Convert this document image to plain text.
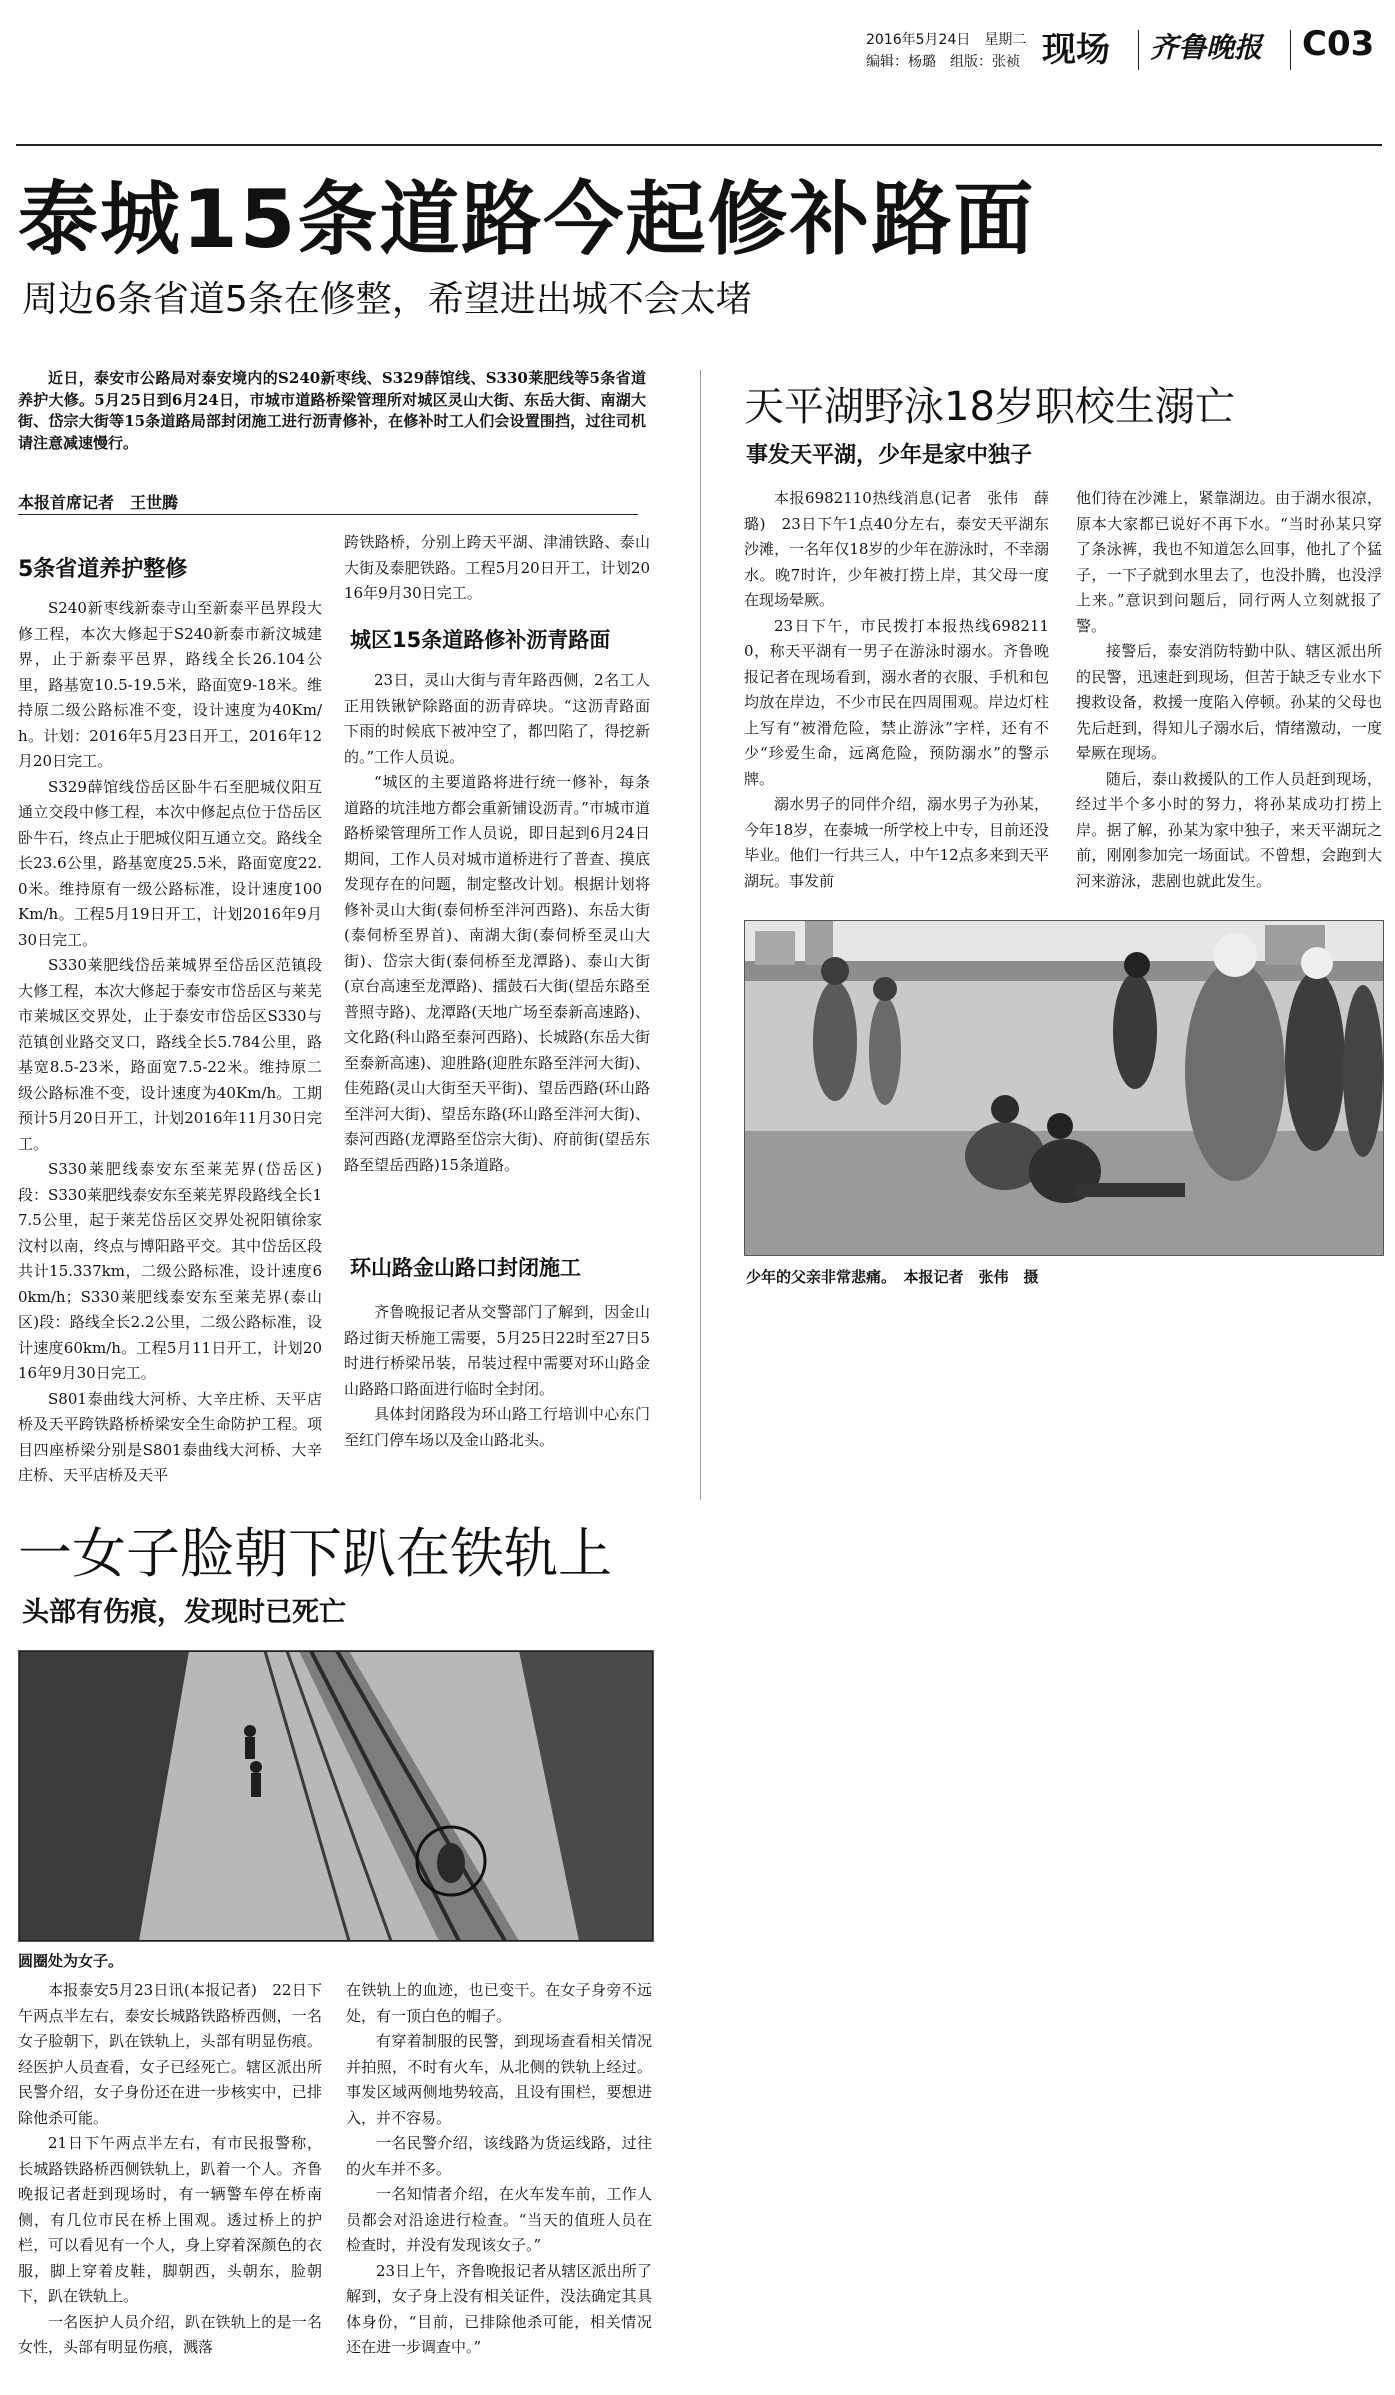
2016年5月24日　星期二
编辑：杨璐　组版：张祯 现场 齐鲁晚报 C03
泰城15条道路今起修补路面
周边6条省道5条在修整，希望进出城不会太堵

近日，泰安市公路局对泰安境内的S240新枣线、S329薛馆线、S330莱肥线等5条省道养护大修。5月25日到6月24日，市城市道路桥梁管理所对城区灵山大街、东岳大街、南湖大街、岱宗大街等15条道路局部封闭施工进行沥青修补，在修补时工人们会设置围挡，过往司机请注意减速慢行。

本报首席记者　王世腾
5条省道养护整修

S240新枣线新泰寺山至新泰平邑界段大修工程，本次大修起于S240新泰市新汶城建界，止于新泰平邑界，路线全长26.104公里，路基宽10.5-19.5米，路面宽9-18米。维持原二级公路标准不变，设计速度为40Km/h。计划：2016年5月23日开工，2016年12月20日完工。

S329薛馆线岱岳区卧牛石至肥城仪阳互通立交段中修工程，本次中修起点位于岱岳区卧牛石，终点止于肥城仪阳互通立交。路线全长23.6公里，路基宽度25.5米，路面宽度22.0米。维持原有一级公路标准，设计速度100Km/h。工程5月19日开工，计划2016年9月30日完工。

S330莱肥线岱岳莱城界至岱岳区范镇段大修工程，本次大修起于泰安市岱岳区与莱芜市莱城区交界处，止于泰安市岱岳区S330与范镇创业路交叉口，路线全长5.784公里，路基宽8.5-23米，路面宽7.5-22米。维持原二级公路标准不变，设计速度为40Km/h。工期预计5月20日开工，计划2016年11月30日完工。

S330莱肥线泰安东至莱芜界(岱岳区)段：S330莱肥线泰安东至莱芜界段路线全长17.5公里，起于莱芜岱岳区交界处祝阳镇徐家汶村以南，终点与博阳路平交。其中岱岳区段共计15.337km，二级公路标准，设计速度60km/h；S330莱肥线泰安东至莱芜界(泰山区)段：路线全长2.2公里，二级公路标准，设计速度60km/h。工程5月11日开工，计划2016年9月30日完工。

S801泰曲线大河桥、大辛庄桥、天平店桥及天平跨铁路桥桥梁安全生命防护工程。项目四座桥梁分别是S801泰曲线大河桥、大辛庄桥、天平店桥及天平

跨铁路桥，分别上跨天平湖、津浦铁路、泰山大街及泰肥铁路。工程5月20日开工，计划2016年9月30日完工。

城区15条道路修补沥青路面

23日，灵山大街与青年路西侧，2名工人正用铁锹铲除路面的沥青碎块。“这沥青路面下雨的时候底下被冲空了，都凹陷了，得挖新的。”工作人员说。

“城区的主要道路将进行统一修补，每条道路的坑洼地方都会重新铺设沥青。”市城市道路桥梁管理所工作人员说，即日起到6月24日期间，工作人员对城市道桥进行了普查、摸底发现存在的问题，制定整改计划。根据计划将修补灵山大街(泰伺桥至泮河西路)、东岳大街(泰伺桥至界首)、南湖大街(泰伺桥至灵山大街)、岱宗大街(泰伺桥至龙潭路)、泰山大街(京台高速至龙潭路)、擂鼓石大街(望岳东路至普照寺路)、龙潭路(天地广场至泰新高速路)、文化路(科山路至泰河西路)、长城路(东岳大街至泰新高速)、迎胜路(迎胜东路至泮河大街)、佳苑路(灵山大街至天平街)、望岳西路(环山路至泮河大街)、望岳东路(环山路至泮河大街)、泰河西路(龙潭路至岱宗大街)、府前街(望岳东路至望岳西路)15条道路。

环山路金山路口封闭施工

齐鲁晚报记者从交警部门了解到，因金山路过街天桥施工需要，5月25日22时至27日5时进行桥梁吊装，吊装过程中需要对环山路金山路路口路面进行临时全封闭。

具体封闭路段为环山路工行培训中心东门至红门停车场以及金山路北头。

天平湖野泳18岁职校生溺亡
事发天平湖，少年是家中独子

本报6982110热线消息(记者　张伟　薛璐)　23日下午1点40分左右，泰安天平湖东沙滩，一名年仅18岁的少年在游泳时，不幸溺水。晚7时许，少年被打捞上岸，其父母一度在现场晕厥。

23日下午，市民拨打本报热线6982110，称天平湖有一男子在游泳时溺水。齐鲁晚报记者在现场看到，溺水者的衣服、手机和包均放在岸边，不少市民在四周围观。岸边灯柱上写有“被滑危险，禁止游泳”字样，还有不少“珍爱生命，远离危险，预防溺水”的警示牌。

溺水男子的同伴介绍，溺水男子为孙某，今年18岁，在泰城一所学校上中专，目前还没毕业。他们一行共三人，中午12点多来到天平湖玩。事发前

他们待在沙滩上，紧靠湖边。由于湖水很凉，原本大家都已说好不再下水。“当时孙某只穿了条泳裤，我也不知道怎么回事，他扎了个猛子，一下子就到水里去了，也没扑腾，也没浮上来。”意识到问题后，同行两人立刻就报了警。

接警后，泰安消防特勤中队、辖区派出所的民警，迅速赶到现场，但苦于缺乏专业水下搜救设备，救援一度陷入停顿。孙某的父母也先后赶到，得知儿子溺水后，情绪激动，一度晕厥在现场。

随后，泰山救援队的工作人员赶到现场，经过半个多小时的努力，将孙某成功打捞上岸。据了解，孙某为家中独子，来天平湖玩之前，刚刚参加完一场面试。不曾想，会跑到大河来游泳，悲剧也就此发生。

少年的父亲非常悲痛。　本报记者　张伟　摄
一女子脸朝下趴在铁轨上
头部有伤痕，发现时已死亡
圆圈处为女子。

本报泰安5月23日讯(本报记者)　22日下午两点半左右，泰安长城路铁路桥西侧，一名女子脸朝下，趴在铁轨上，头部有明显伤痕。经医护人员查看，女子已经死亡。辖区派出所民警介绍，女子身份还在进一步核实中，已排除他杀可能。

21日下午两点半左右，有市民报警称，长城路铁路桥西侧铁轨上，趴着一个人。齐鲁晚报记者赶到现场时，有一辆警车停在桥南侧，有几位市民在桥上围观。透过桥上的护栏，可以看见有一个人，身上穿着深颜色的衣服，脚上穿着皮鞋，脚朝西，头朝东，脸朝下，趴在铁轨上。

一名医护人员介绍，趴在铁轨上的是一名女性，头部有明显伤痕，溅落

在铁轨上的血迹，也已变干。在女子身旁不远处，有一顶白色的帽子。

有穿着制服的民警，到现场查看相关情况并拍照，不时有火车，从北侧的铁轨上经过。事发区域两侧地势较高，且设有围栏，要想进入，并不容易。

一名民警介绍，该线路为货运线路，过往的火车并不多。

一名知情者介绍，在火车发车前，工作人员都会对沿途进行检查。“当天的值班人员在检查时，并没有发现该女子。”

23日上午，齐鲁晚报记者从辖区派出所了解到，女子身上没有相关证件，没法确定其具体身份，“目前，已排除他杀可能，相关情况还在进一步调查中。”
